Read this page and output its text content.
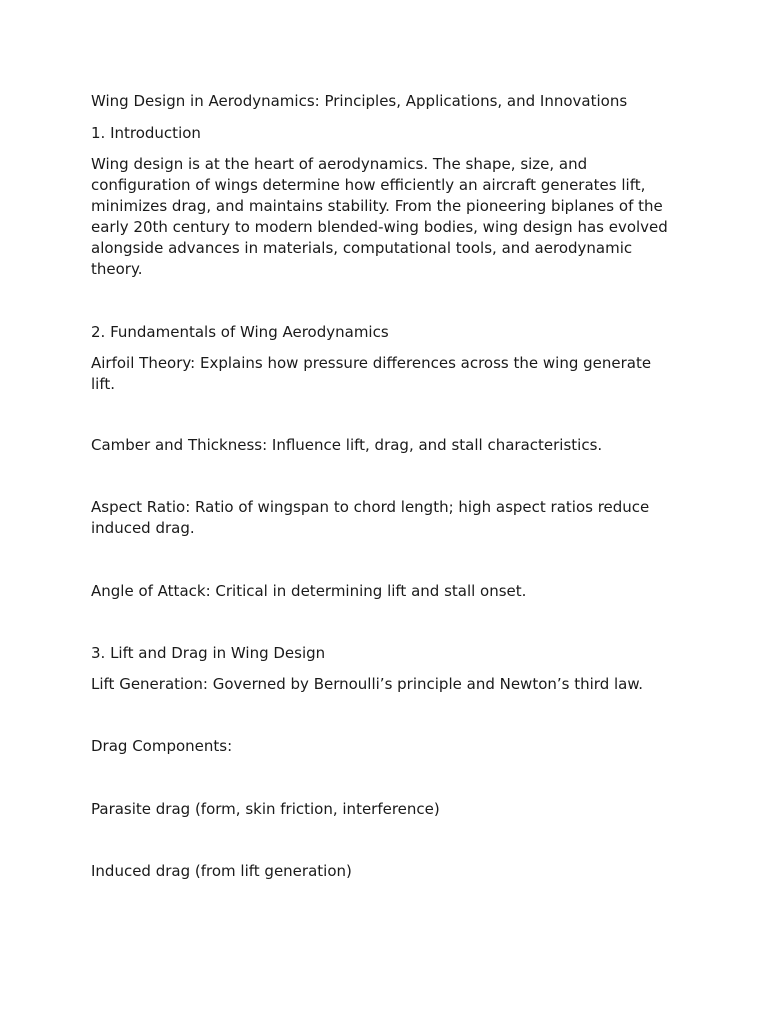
Wing Design in Aerodynamics: Principles, Applications, and Innovations

1. Introduction

Wing design is at the heart of aerodynamics. The shape, size, and configuration of wings determine how efficiently an aircraft generates lift, minimizes drag, and maintains stability. From the pioneering biplanes of the early 20th century to modern blended-wing bodies, wing design has evolved alongside advances in materials, computational tools, and aerodynamic theory.

2. Fundamentals of Wing Aerodynamics

Airfoil Theory: Explains how pressure differences across the wing generate lift.

Camber and Thickness: Influence lift, drag, and stall characteristics.

Aspect Ratio: Ratio of wingspan to chord length; high aspect ratios reduce induced drag.

Angle of Attack: Critical in determining lift and stall onset.

3. Lift and Drag in Wing Design

Lift Generation: Governed by Bernoulli’s principle and Newton’s third law.

Drag Components:

Parasite drag (form, skin friction, interference)

Induced drag (from lift generation)
